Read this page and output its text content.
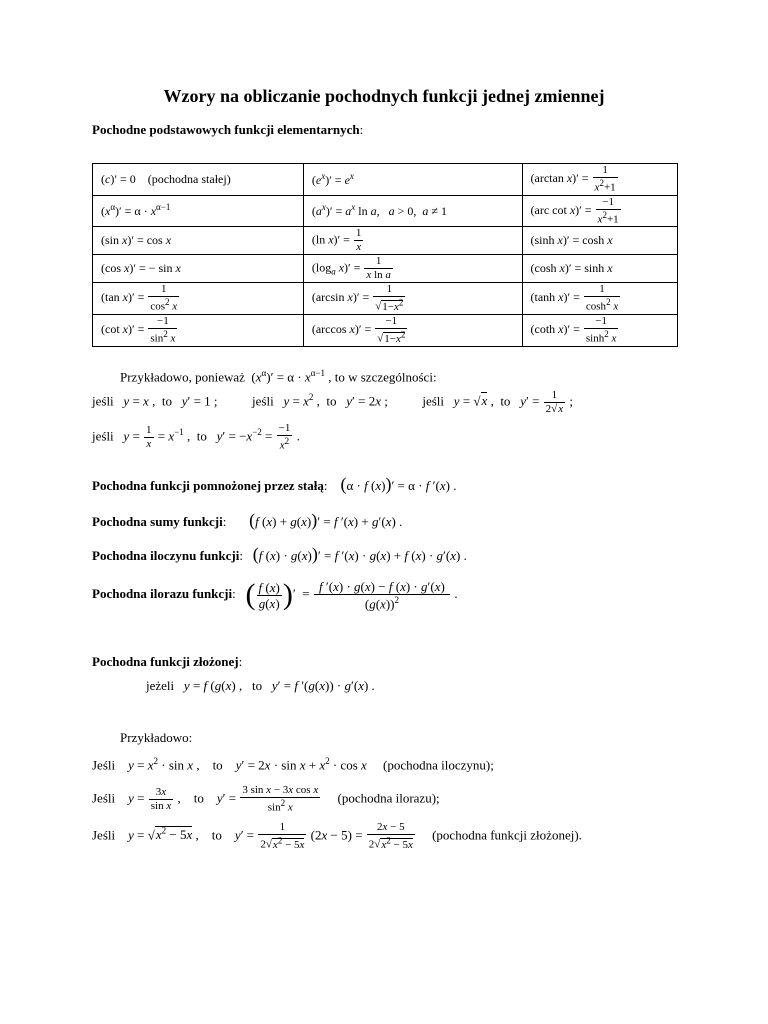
Wzory na obliczanie pochodnych funkcji jednej zmiennej
Pochodne podstawowych funkcji elementarnych:
(c)′ = 0    (pochodna stałej)	$(e^x)' = e^x$	(arctan $x)' = \frac{1}{x^2+1}$

$(x^\alpha)' = \alpha \cdot x^{\alpha-1}$	$(a^x)' = a^x$ ln a,   a > 0,  a ≠ 1	(arc $\cot x)' = \frac{-1}{x^2+1}$

(sin x)′ = cos x	(ln $x)' = \frac{1}{x}$	(sinh x)′ = cosh x
(cos x)′ = − sin x	($\log_a$ $x)' = \frac{1}{\text{x ln a}}$	(cosh x)′ = sinh x
(tan $x)' = \frac{1}{\cos^2 x}$	(arcsin $x)' = \frac{1}{√1-x^2}$	(tanh $x)' = \frac{1}{\cosh^2 x}$

(cot $x)' = \frac{-1}{\sin^2 x}$	(arccos $x)' = \frac{-1}{√1-x^2}$	(coth $x)' = \frac{-1}{\sinh^2 x}$
Przykładowo, ponieważ  $(x^\alpha)' = \alpha \cdot x^{\alpha-1}$ , to w szczególności:
jeśli y = x ,  to y′ = 1 ;  jeśli $y = x^2$ ,  to y′ = 2x ;  jeśli y = √x ,  to $y' = \frac{1}{2√x}$ ;
jeśli $y = \frac{1}{x} = x^{-1}$ ,  to $y' = -x^{-2} = \frac{-1}{x^2}$ .
Pochodna funkcji pomnożonej przez stałą: (α · f (x))′ = α · f ′(x) .
Pochodna sumy funkcji: (f (x) + g(x))′ = f ′(x) + g′(x) .
Pochodna iloczynu funkcji: (f (x) · g(x))′ = f ′(x) · g(x) + f (x) · g′(x) .
Pochodna ilorazu funkcji: ( $\frac{f (x)}{g(x)}$ )′  = $\frac{f '(x) \cdot g(x) - f (x) \cdot g'(x)}{(g(x))^2}$ .
Pochodna funkcji złożonej:
jeżeli y = f (g(x) ,   to y′ = f ′(g(x)) · g′(x) .
Przykładowo:
Jeśli $y = x^2 \cdot \sin x$ ,    to $y' = 2x \cdot \sin x + x^2 \cdot \cos x$ (pochodna iloczynu);
Jeśli $y = \frac{3x}{\text{sin x}}$ ,    to $y' = \frac{\text{3 sin x − 3x cos x}}{\sin^2 x}$ (pochodna ilorazu);
Jeśli $y = √x^2 - 5x$ ,    to $y' = \frac{1}{2√x^2 - 5x} (2x - 5) = \frac{2x - 5}{2√x^2 - 5x}$ (pochodna funkcji złożonej).
